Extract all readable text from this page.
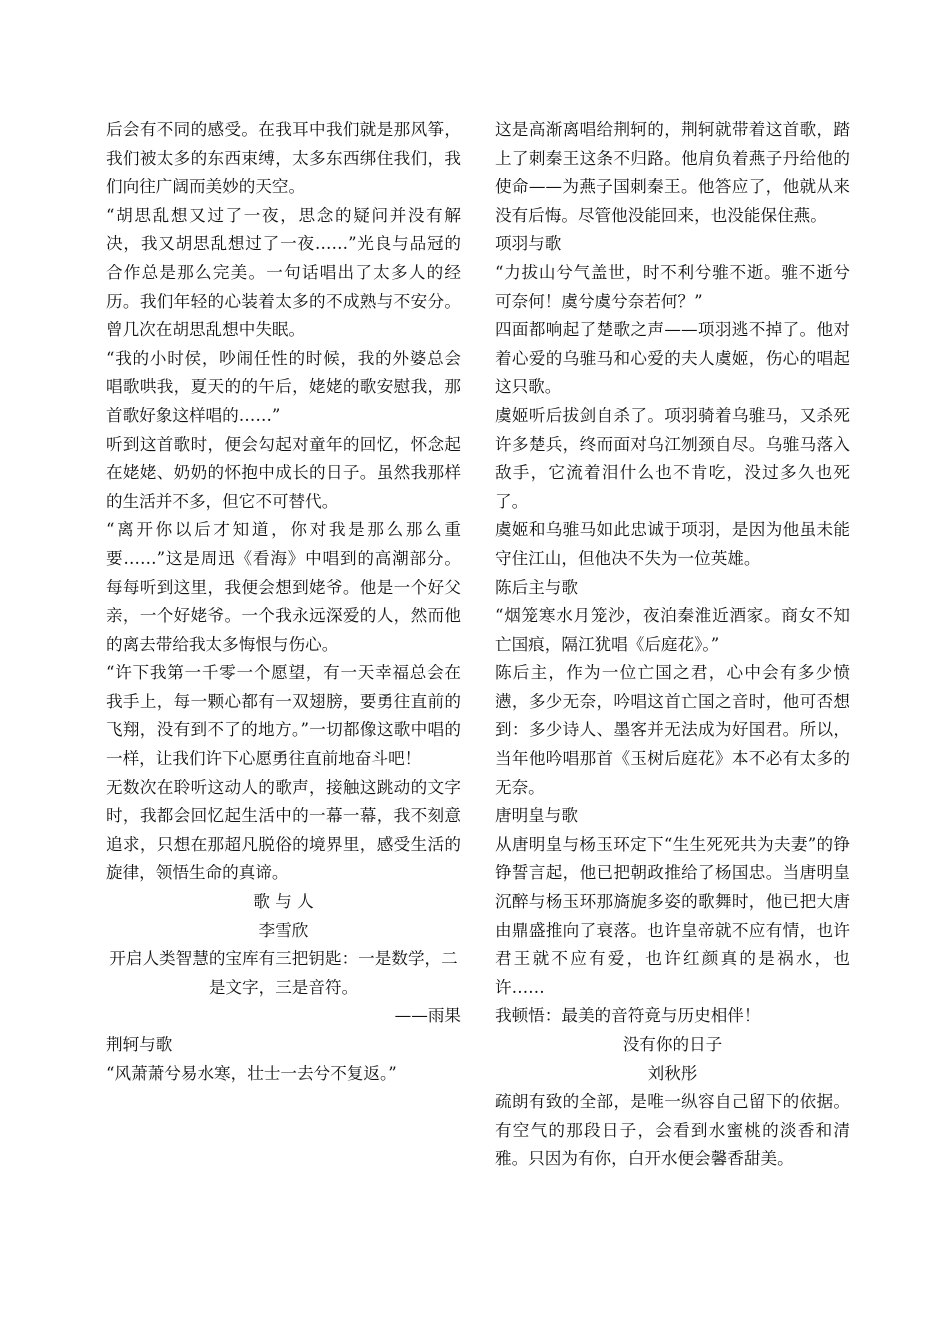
后会有不同的感受。在我耳中我们就是那风筝，我们被太多的东西束缚，太多东西绑住我们，我们向往广阔而美妙的天空。

“胡思乱想又过了一夜，思念的疑问并没有解决，我又胡思乱想过了一夜……”光良与品冠的合作总是那么完美。一句话唱出了太多人的经历。我们年轻的心装着太多的不成熟与不安分。曾几次在胡思乱想中失眠。

“我的小时侯，吵闹任性的时候，我的外婆总会唱歌哄我，夏天的的午后，姥姥的歌安慰我，那首歌好象这样唱的……”

听到这首歌时，便会勾起对童年的回忆，怀念起在姥姥、奶奶的怀抱中成长的日子。虽然我那样的生活并不多，但它不可替代。

“离开你以后才知道，你对我是那么那么重要……”这是周迅《看海》中唱到的高潮部分。每每听到这里，我便会想到姥爷。他是一个好父亲，一个好姥爷。一个我永远深爱的人，然而他的离去带给我太多悔恨与伤心。

“许下我第一千零一个愿望，有一天幸福总会在我手上，每一颗心都有一双翅膀，要勇往直前的飞翔，没有到不了的地方。”一切都像这歌中唱的一样，让我们许下心愿勇往直前地奋斗吧！

无数次在聆听这动人的歌声，接触这跳动的文字时，我都会回忆起生活中的一幕一幕，我不刻意追求，只想在那超凡脱俗的境界里，感受生活的旋律，领悟生命的真谛。

歌 与 人

李雪欣

开启人类智慧的宝库有三把钥匙：一是数学，二是文字，三是音符。

——雨果

荆轲与歌

“风萧萧兮易水寒，壮士一去兮不复返。”

这是高渐离唱给荆轲的，荆轲就带着这首歌，踏上了刺秦王这条不归路。他肩负着燕子丹给他的使命——为燕子国刺秦王。他答应了，他就从来没有后悔。尽管他没能回来，也没能保住燕。

项羽与歌

“力拔山兮气盖世，时不利兮骓不逝。骓不逝兮可奈何！虞兮虞兮奈若何？”

四面都响起了楚歌之声——项羽逃不掉了。他对着心爱的乌骓马和心爱的夫人虞姬，伤心的唱起这只歌。

虞姬听后拔剑自杀了。项羽骑着乌骓马，又杀死许多楚兵，终而面对乌江刎颈自尽。乌骓马落入敌手，它流着泪什么也不肯吃，没过多久也死了。

虞姬和乌骓马如此忠诚于项羽，是因为他虽未能守住江山，但他决不失为一位英雄。

陈后主与歌

“烟笼寒水月笼沙，夜泊秦淮近酒家。商女不知亡国痕，隔江犹唱《后庭花》。”

陈后主，作为一位亡国之君，心中会有多少愤懑，多少无奈，吟唱这首亡国之音时，他可否想到：多少诗人、墨客并无法成为好国君。所以，当年他吟唱那首《玉树后庭花》本不必有太多的无奈。

唐明皇与歌

从唐明皇与杨玉环定下“生生死死共为夫妻”的铮铮誓言起，他已把朝政推给了杨国忠。当唐明皇沉醉与杨玉环那旖旎多姿的歌舞时，他已把大唐由鼎盛推向了衰落。也许皇帝就不应有情，也许君王就不应有爱，也许红颜真的是祸水，也许……

我顿悟：最美的音符竟与历史相伴！

没有你的日子

刘秋彤

疏朗有致的全部，是唯一纵容自己留下的依据。有空气的那段日子，会看到水蜜桃的淡香和清雅。只因为有你，白开水便会馨香甜美。
